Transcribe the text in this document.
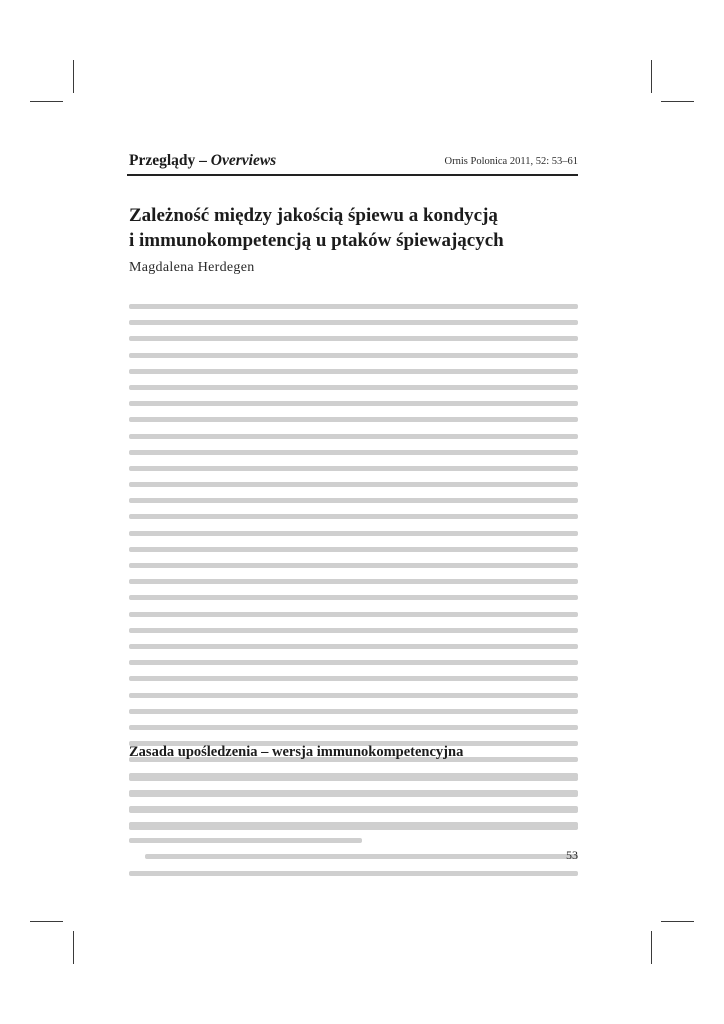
Przeglądy – Overviews	Ornis Polonica 2011, 52: 53–61
Zależność między jakością śpiewu a kondycją
i immunokompetencją u ptaków śpiewających

Magdalena Herdegen

Zasada upośledzenia – wersja immunokompetencyjna
53
